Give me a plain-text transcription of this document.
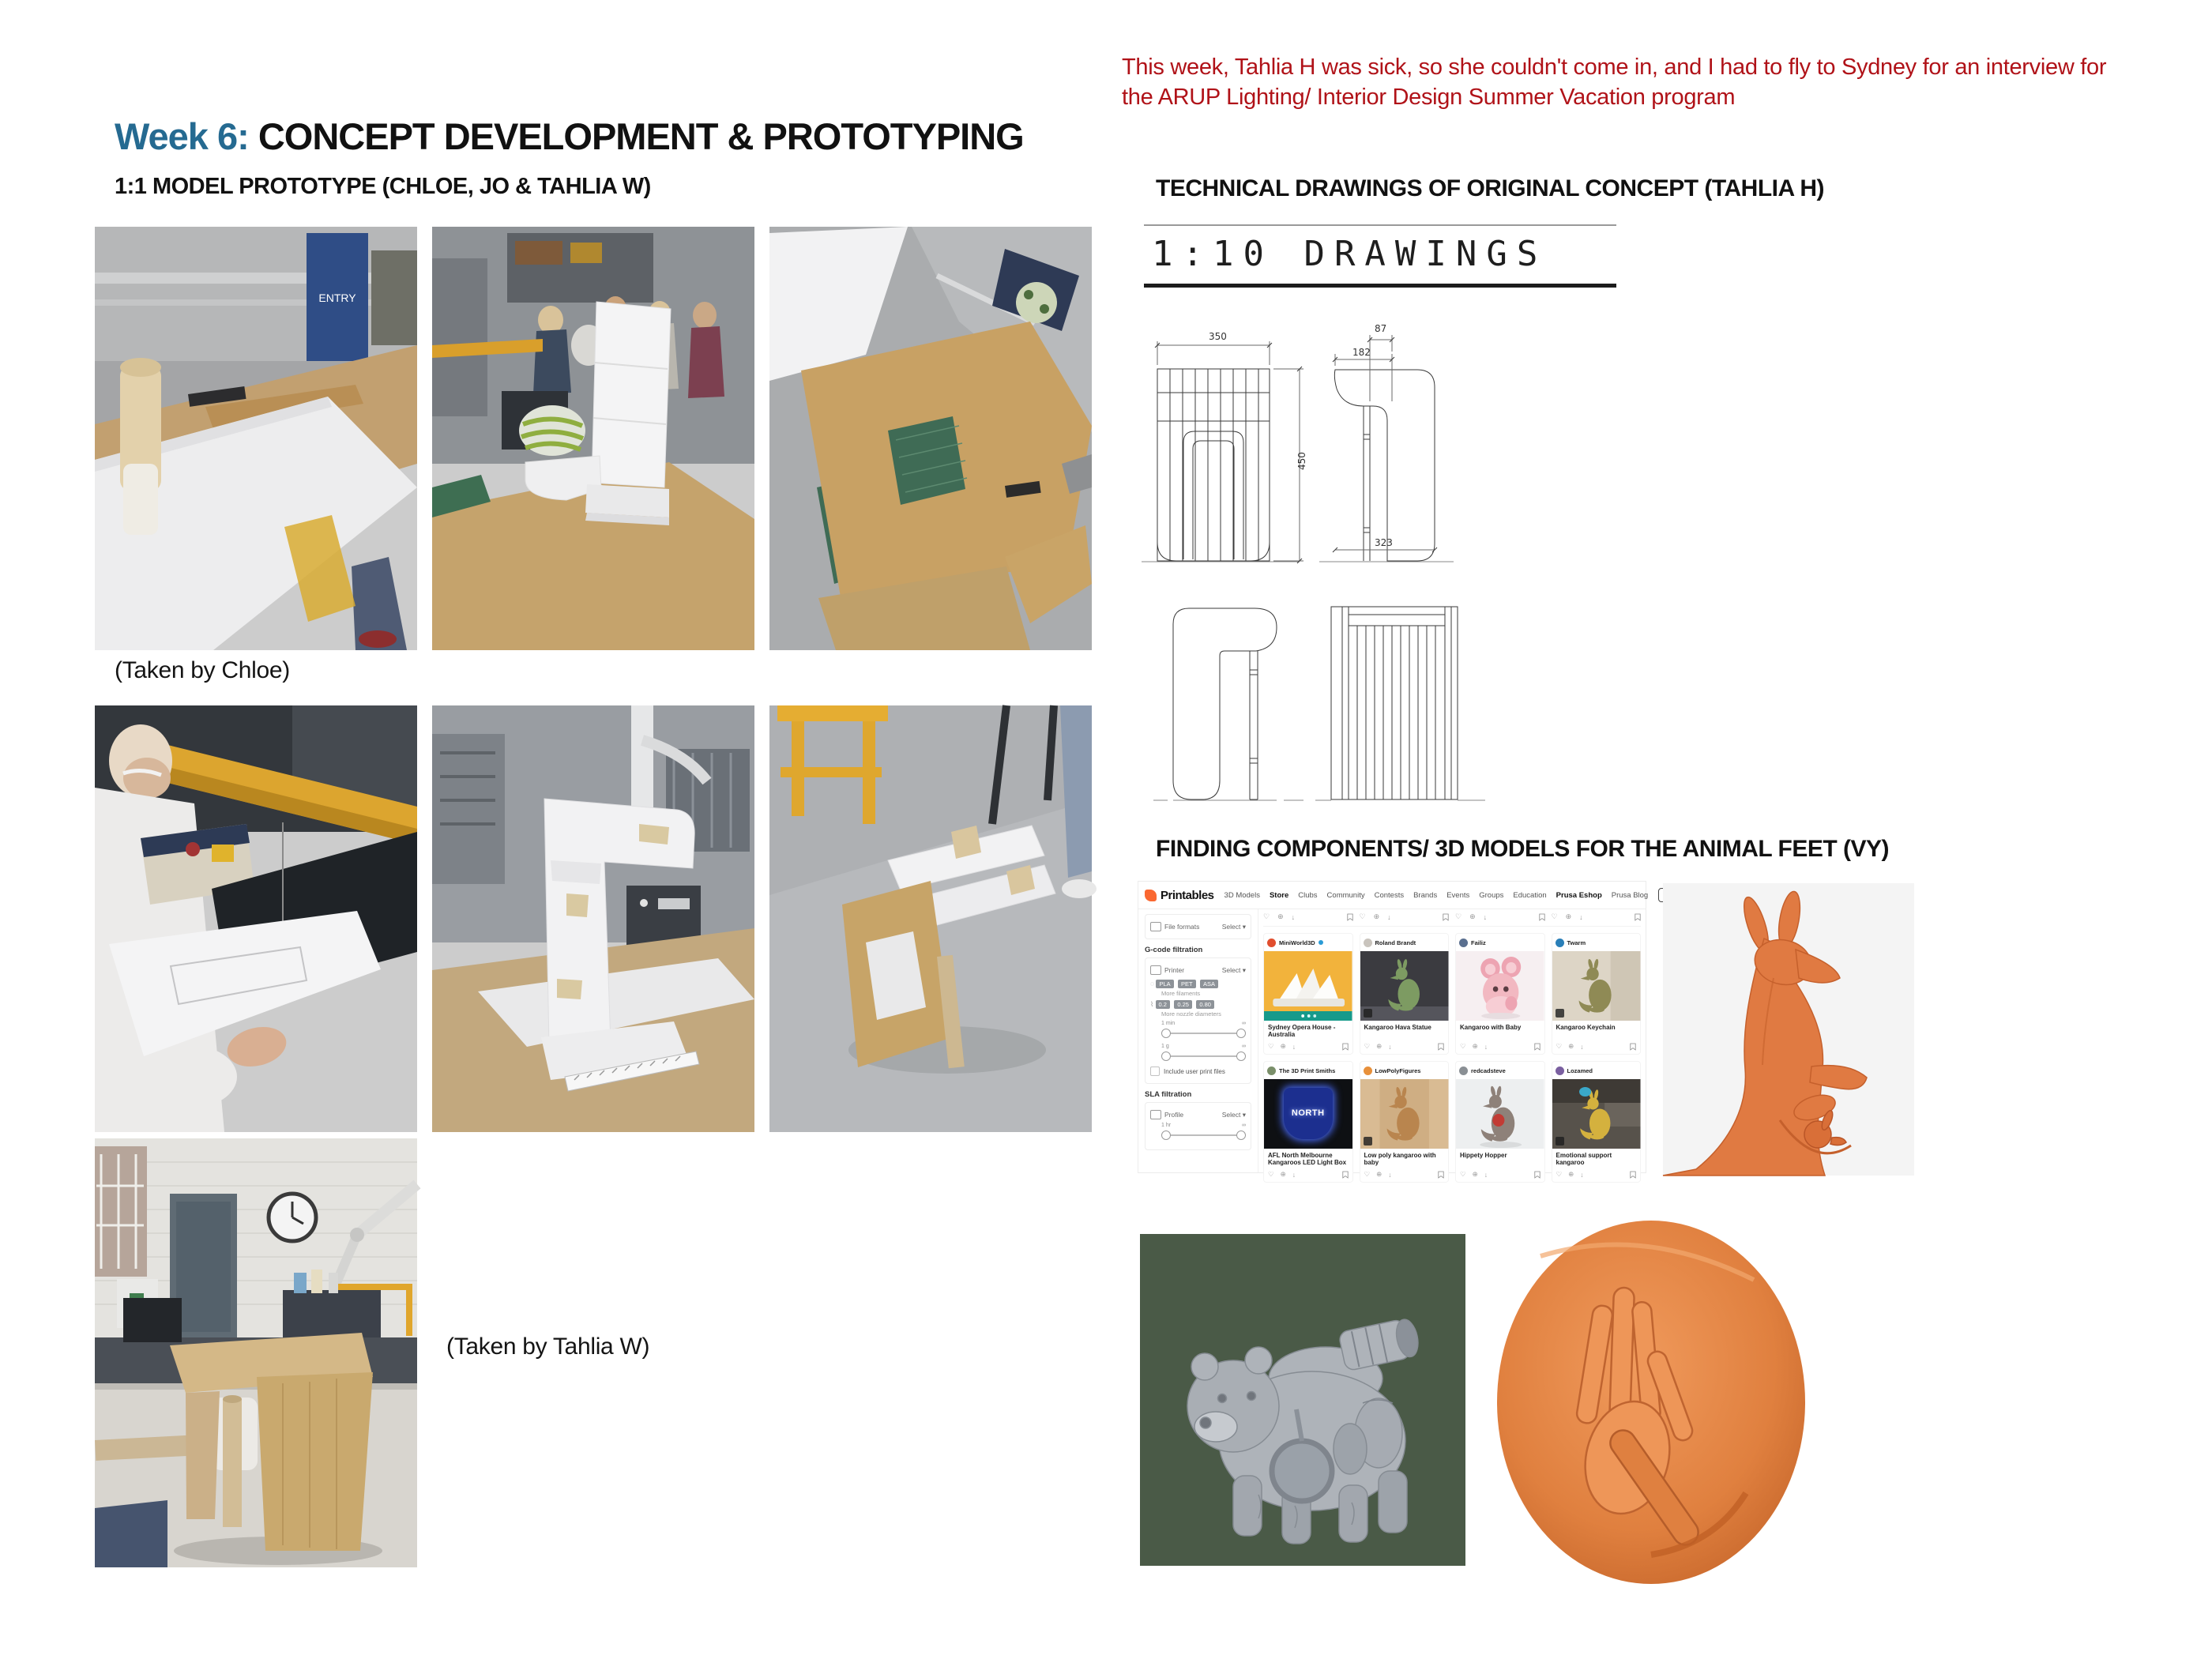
Week 6: CONCEPT DEVELOPMENT & PROTOTYPING
1:1 MODEL PROTOTYPE (CHLOE, JO & TAHLIA W)
ENTRY
(Taken by Chloe)
(Taken by Tahlia W)
This week, Tahlia H was sick, so she couldn't come in, and I had to fly to Sydney for an interview for the ARUP Lighting/ Interior Design Summer Vacation program
TECHNICAL DRAWINGS OF ORIGINAL CONCEPT (TAHLIA H)
1:10 DRAWINGS
350
450
87
182
323
FINDING COMPONENTS/ 3D MODELS FOR THE ANIMAL FEET (VY)
Printables 3D Models Store Clubs Community Contests Brands Events Groups Education Prusa Eshop Prusa Blog
File formats	Select ▾
G-code filtration
Printer	Select ▾
◌ PLA PET ASA
More filaments
⌇ 0.2 0.25 0.80
More nozzle diameters
1 min	∞
1 g	∞
Include user print files
SLA filtration
Profile	Select ▾
1 hr	∞
♡ ⊕ ↓	♡ ⊕ ↓	♡ ⊕ ↓	♡ ⊕ ↓
MiniWorld3D
Sydney Opera House - Australia
♡ ⊕ ↓
Roland Brandt
Kangaroo Hava Statue
♡ ⊕ ↓
Failiz
Kangaroo with Baby
♡ ⊕ ↓
Twarm
Kangaroo Keychain
♡ ⊕ ↓
The 3D Print Smiths
NORTH
AFL North Melbourne Kangaroos LED Light Box
♡ ⊕ ↓
LowPolyFigures
Low poly kangaroo with baby
♡ ⊕ ↓
redcadsteve
Hippety Hopper
♡ ⊕ ↓
Lozamed
Emotional support kangaroo
♡ ⊕ ↓
